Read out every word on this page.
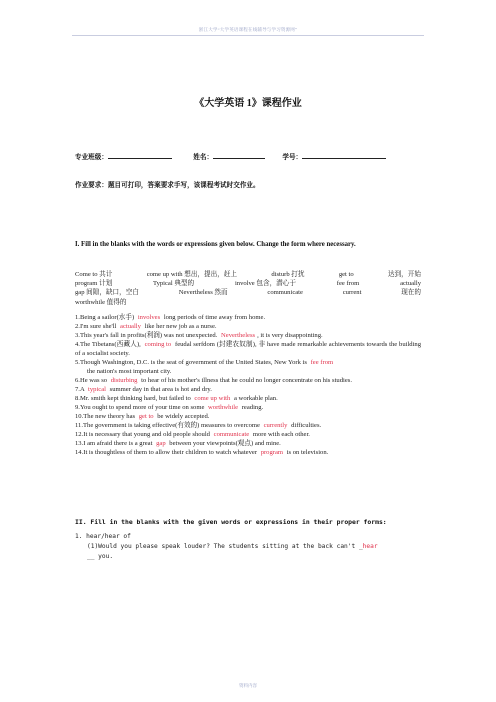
浙江大学“大学英语课程在线辅导与学习资源网”
《大学英语 1》课程作业
专业班级：	姓名：	学号：
作业要求：题目可打印，答案要求手写，该课程考试时交作业。
I. Fill in the blanks with the words or expressions given below. Change the form where necessary.
Come to 共计	come up with 想出，提出，赶上	disturb 打扰	get to	达到，开始
program 计划	Typical 典型的	involve 包含，潜心于	fee from	actually
gap 间隙，缺口，空白	Nevertheless 然而	communicate	current	现在的
worthwhile 值得的

1.Being a sailor(水手) involves long periods of time away from home.

2.I'm sure she'll actually like her new job as a nurse.

3.This year's fall in profits(利润) was not unexpected. Nevertheless , it is very disappointing.

4.The Tibetans(西藏人), coming to feudal serfdom (封建农奴制), 非 have made remarkable achievements towards the building of a socialist society.

5.Though Washington, D.C. is the seat of government of the United States, New York is fee from
the nation's most important city.

6.He was so disturbing to hear of his mother's illness that he could no longer concentrate on his studies.

7.A typical summer day in that area is hot and dry.

8.Mr. smith kept thinking hard, but failed to come up with a workable plan.

9.You ought to spend more of your time on some worthwhile reading.

10.The new theory has get to be widely accepted.

11.The government is taking effective(有效的) measures to overcome currently difficulties.

12.It is necessary that young and old people should communicate more with each other.

13.I am afraid there is a great gap between your viewpoints(观点) and mine.

14.It is thoughtless of them to allow their children to watch whatever program is on television.

II. Fill in the blanks with the given words or expressions in their proper forms:
1. hear/hear of
(1)Would you please speak louder? The students sitting at the back can't _hear
__ you.
资料内容
